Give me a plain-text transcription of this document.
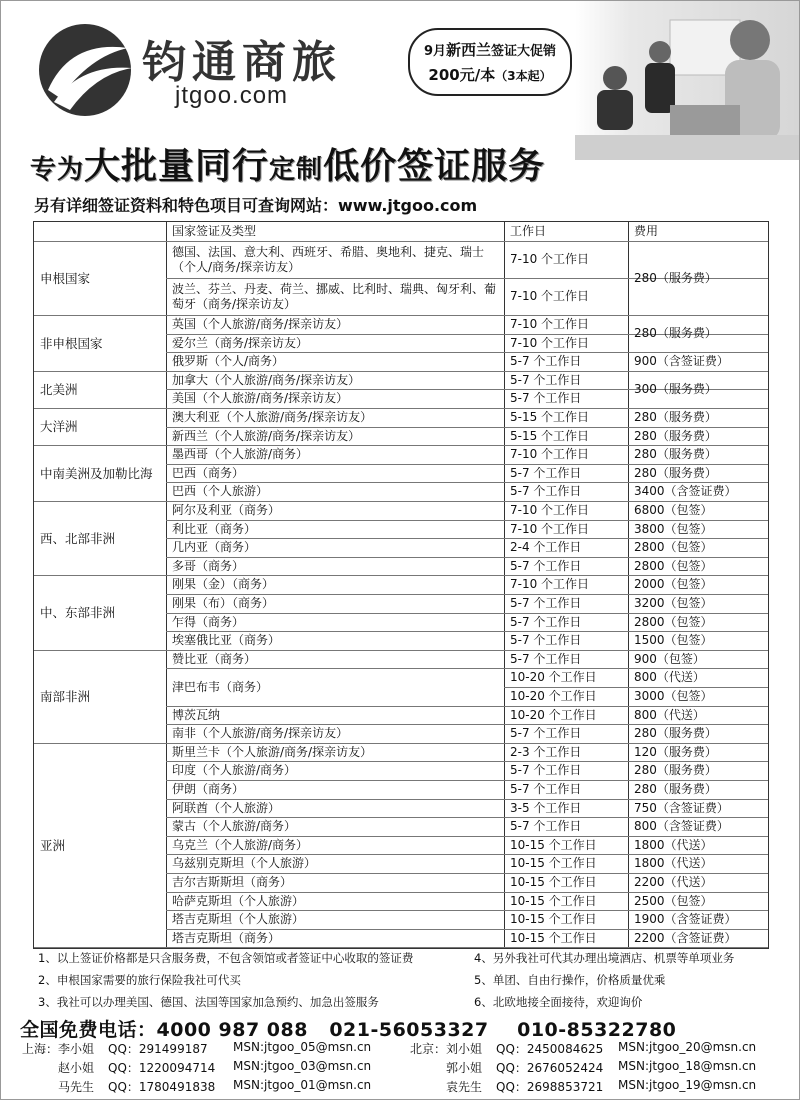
钧通商旅
jtgoo.com
9月新西兰签证大促销
200元/本（3本起）
专为大批量同行定制低价签证服务
另有详细签证资料和特色项目可查询网站：www.jtgoo.com
国家签证及类型	工作日	费用
申根国家
非申根国家
北美洲
大洋洲
中南美洲及加勒比海
西、北部非洲
中、东部非洲
南部非洲
亚洲
德国、法国、意大利、西班牙、希腊、奥地利、捷克、瑞士（个人/商务/探亲访友）
波兰、芬兰、丹麦、荷兰、挪威、比利时、瑞典、匈牙利、葡萄牙（商务/探亲访友）
英国（个人旅游/商务/探亲访友）
爱尔兰（商务/探亲访友）
俄罗斯（个人/商务）
加拿大（个人旅游/商务/探亲访友）
美国（个人旅游/商务/探亲访友）
澳大利亚（个人旅游/商务/探亲访友）
新西兰（个人旅游/商务/探亲访友）
墨西哥（个人旅游/商务）
巴西（商务）
巴西（个人旅游）
阿尔及利亚（商务）
利比亚（商务）
几内亚（商务）
多哥（商务）
刚果（金）（商务）
刚果（布）（商务）
乍得（商务）
埃塞俄比亚（商务）
赞比亚（商务）
津巴布韦（商务）
博茨瓦纳
南非（个人旅游/商务/探亲访友）
斯里兰卡（个人旅游/商务/探亲访友）
印度（个人旅游/商务）
伊朗（商务）
阿联酋（个人旅游）
蒙古（个人旅游/商务）
乌克兰（个人旅游/商务）
乌兹别克斯坦（个人旅游）
吉尔吉斯斯坦（商务）
哈萨克斯坦（个人旅游）
塔吉克斯坦（个人旅游）
塔吉克斯坦（商务）
7-10 个工作日
7-10 个工作日
7-10 个工作日
7-10 个工作日
5-7 个工作日
5-7 个工作日
5-7 个工作日
5-15 个工作日
5-15 个工作日
7-10 个工作日
5-7 个工作日
5-7 个工作日
7-10 个工作日
7-10 个工作日
2-4 个工作日
5-7 个工作日
7-10 个工作日
5-7 个工作日
5-7 个工作日
5-7 个工作日
5-7 个工作日
10-20 个工作日
10-20 个工作日
10-20 个工作日
5-7 个工作日
2-3 个工作日
5-7 个工作日
5-7 个工作日
3-5 个工作日
5-7 个工作日
10-15 个工作日
10-15 个工作日
10-15 个工作日
10-15 个工作日
10-15 个工作日
10-15 个工作日
280（服务费）
280（服务费）
900（含签证费）
300（服务费）
280（服务费）
280（服务费）
280（服务费）
280（服务费）
3400（含签证费）
6800（包签）
3800（包签）
2800（包签）
2800（包签）
2000（包签）
3200（包签）
2800（包签）
1500（包签）
900（包签）
800（代送）
3000（包签）
800（代送）
280（服务费）
120（服务费）
280（服务费）
280（服务费）
750（含签证费）
800（含签证费）
1800（代送）
1800（代送）
2200（代送）
2500（包签）
1900（含签证费）
2200（含签证费）
1、以上签证价格都是只含服务费，不包含领馆或者签证中心收取的签证费
2、申根国家需要的旅行保险我社可代买
3、我社可以办理美国、德国、法国等国家加急预约、加急出签服务
4、另外我社可代其办理出境酒店、机票等单项业务
5、单团、自由行操作，价格质量优乘
6、北欧地接全面接待，欢迎询价
全国免费电话：4000 987 088 021-56053327 010-85322780
上海： 李小姐 QQ：291499187 MSN:jtgoo_05@msn.cn
赵小姐 QQ：1220094714 MSN:jtgoo_03@msn.cn
马先生 QQ：1780491838 MSN:jtgoo_01@msn.cn
北京： 刘小姐 QQ：2450084625 MSN:jtgoo_20@msn.cn
郭小姐 QQ：2676052424 MSN:jtgoo_18@msn.cn
袁先生 QQ：2698853721 MSN:jtgoo_19@msn.cn
